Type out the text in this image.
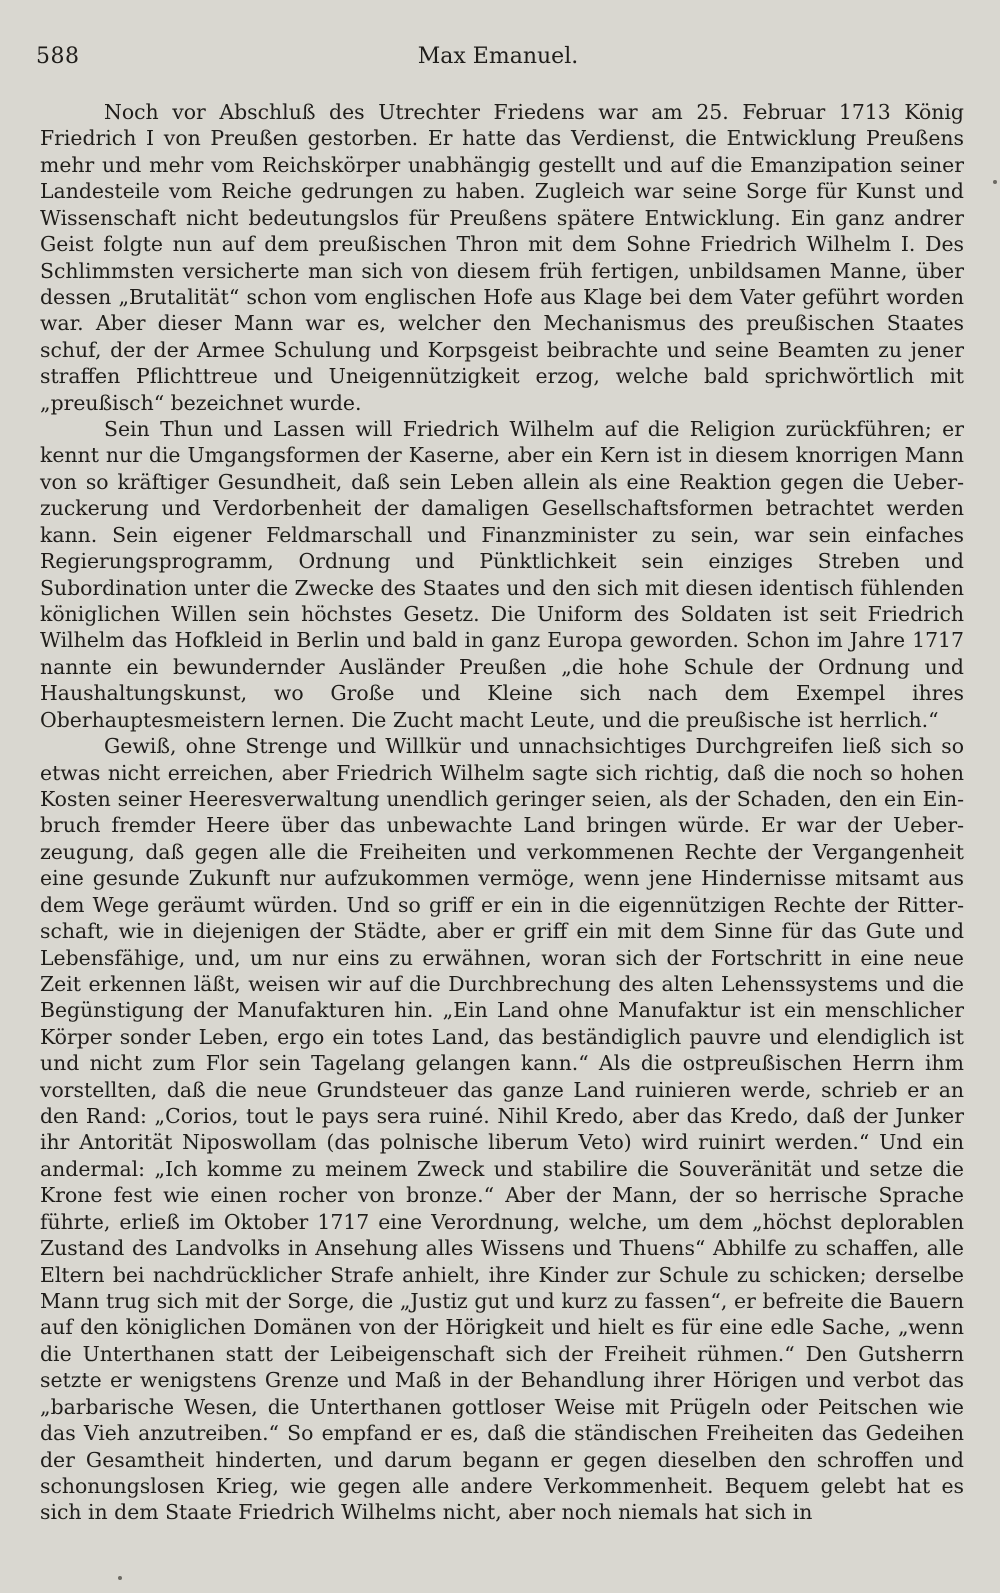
588	Max Emanuel.

Noch vor Abschluß des Utrechter Friedens war am 25. Februar 1713 König Friedrich I von Preußen gestorben. Er hatte das Verdienst, die Entwicklung Preußens mehr und mehr vom Reichskörper unabhängig gestellt und auf die Emanzipation seiner Landesteile vom Reiche gedrungen zu haben. Zugleich war seine Sorge für Kunst und Wissenschaft nicht bedeutungslos für Preußens spätere Entwicklung. Ein ganz andrer Geist folgte nun auf dem preußischen Thron mit dem Sohne Friedrich Wilhelm I. Des Schlimmsten versicherte man sich von diesem früh fertigen, unbildsamen Manne, über dessen „Brutalität“ schon vom englischen Hofe aus Klage bei dem Vater geführt worden war. Aber dieser Mann war es, welcher den Mechanismus des preußischen Staates schuf, der der Armee Schulung und Korpsgeist beibrachte und seine Beamten zu jener straffen Pflichttreue und Uneigennützigkeit erzog, welche bald sprichwörtlich mit „preußisch“ bezeichnet wurde.

Sein Thun und Lassen will Friedrich Wilhelm auf die Religion zurückführen; er kennt nur die Umgangsformen der Kaserne, aber ein Kern ist in diesem knorrigen Mann von so kräftiger Gesundheit, daß sein Leben allein als eine Reaktion gegen die Ueberzuckerung und Verdorbenheit der damaligen Gesellschaftsformen betrachtet werden kann. Sein eigener Feldmarschall und Finanzminister zu sein, war sein einfaches Regierungsprogramm, Ordnung und Pünktlichkeit sein einziges Streben und Subordination unter die Zwecke des Staates und den sich mit diesen identisch fühlenden königlichen Willen sein höchstes Gesetz. Die Uniform des Soldaten ist seit Friedrich Wilhelm das Hofkleid in Berlin und bald in ganz Europa geworden. Schon im Jahre 1717 nannte ein bewundernder Ausländer Preußen „die hohe Schule der Ordnung und Haushaltungskunst, wo Große und Kleine sich nach dem Exempel ihres Oberhauptesmeistern lernen. Die Zucht macht Leute, und die preußische ist herrlich.“

Gewiß, ohne Strenge und Willkür und unnachsichtiges Durchgreifen ließ sich so etwas nicht erreichen, aber Friedrich Wilhelm sagte sich richtig, daß die noch so hohen Kosten seiner Heeresverwaltung unendlich geringer seien, als der Schaden, den ein Einbruch fremder Heere über das unbewachte Land bringen würde. Er war der Ueberzeugung, daß gegen alle die Freiheiten und verkommenen Rechte der Vergangenheit eine gesunde Zukunft nur aufzukommen vermöge, wenn jene Hindernisse mitsamt aus dem Wege geräumt würden. Und so griff er ein in die eigennützigen Rechte der Ritterschaft, wie in diejenigen der Städte, aber er griff ein mit dem Sinne für das Gute und Lebensfähige, und, um nur eins zu erwähnen, woran sich der Fortschritt in eine neue Zeit erkennen läßt, weisen wir auf die Durchbrechung des alten Lehenssystems und die Begünstigung der Manufakturen hin. „Ein Land ohne Manufaktur ist ein menschlicher Körper sonder Leben, ergo ein totes Land, das beständiglich pauvre und elendiglich ist und nicht zum Flor sein Tagelang gelangen kann.“ Als die ostpreußischen Herrn ihm vorstellten, daß die neue Grundsteuer das ganze Land ruinieren werde, schrieb er an den Rand: „Corios, tout le pays sera ruiné. Nihil Kredo, aber das Kredo, daß der Junker ihr Antorität Niposwollam (das polnische liberum Veto) wird ruinirt werden.“ Und ein andermal: „Ich komme zu meinem Zweck und stabilire die Souveränität und setze die Krone fest wie einen rocher von bronze.“ Aber der Mann, der so herrische Sprache führte, erließ im Oktober 1717 eine Verordnung, welche, um dem „höchst deplorablen Zustand des Landvolks in Ansehung alles Wissens und Thuens“ Abhilfe zu schaffen, alle Eltern bei nachdrücklicher Strafe anhielt, ihre Kinder zur Schule zu schicken; derselbe Mann trug sich mit der Sorge, die „Justiz gut und kurz zu fassen“, er befreite die Bauern auf den königlichen Domänen von der Hörigkeit und hielt es für eine edle Sache, „wenn die Unterthanen statt der Leibeigenschaft sich der Freiheit rühmen.“ Den Gutsherrn setzte er wenigstens Grenze und Maß in der Behandlung ihrer Hörigen und verbot das „barbarische Wesen, die Unterthanen gottloser Weise mit Prügeln oder Peitschen wie das Vieh anzutreiben.“ So empfand er es, daß die ständischen Freiheiten das Gedeihen der Gesamtheit hinderten, und darum begann er gegen dieselben den schroffen und schonungslosen Krieg, wie gegen alle andere Verkommenheit. Bequem gelebt hat es sich in dem Staate Friedrich Wilhelms nicht, aber noch niemals hat sich in
